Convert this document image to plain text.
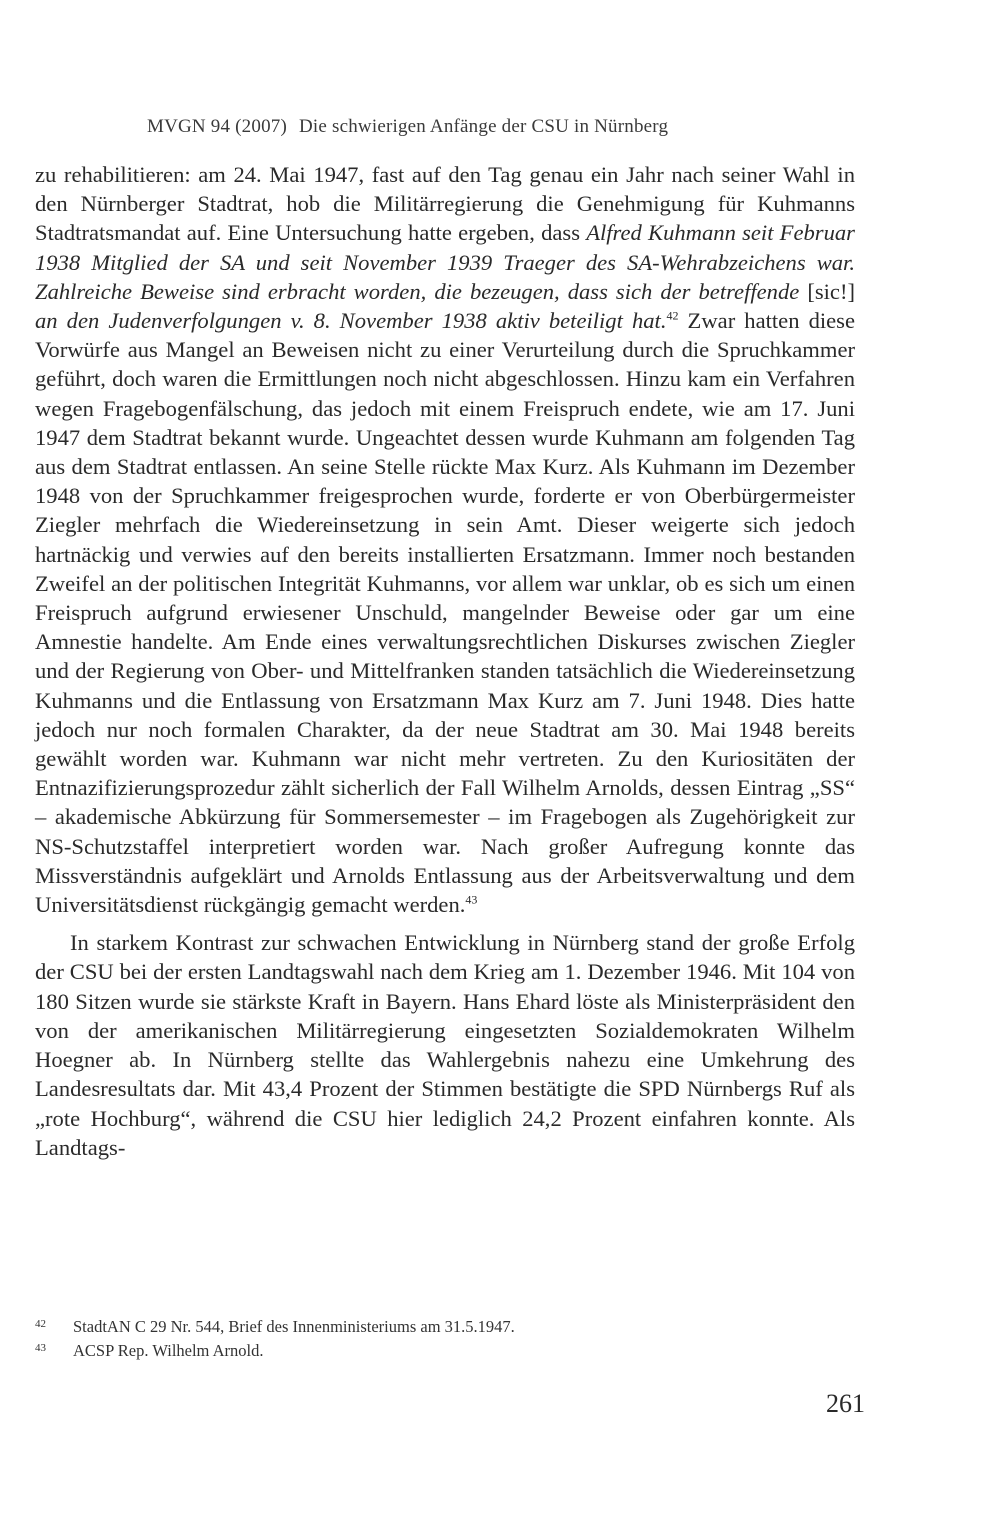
MVGN 94 (2007) Die schwierigen Anfänge der CSU in Nürnberg

zu rehabilitieren: am 24. Mai 1947, fast auf den Tag genau ein Jahr nach seiner Wahl in den Nürnberger Stadtrat, hob die Militärregierung die Genehmigung für Kuhmanns Stadtratsmandat auf. Eine Untersuchung hatte ergeben, dass Alfred Kuhmann seit Februar 1938 Mitglied der SA und seit November 1939 Traeger des SA-Wehrabzeichens war. Zahlreiche Beweise sind erbracht worden, die bezeugen, dass sich der betreffende [sic!] an den Judenverfolgungen v. 8. November 1938 aktiv beteiligt hat.$^{42}$ Zwar hatten diese Vorwürfe aus Mangel an Beweisen nicht zu einer Verurteilung durch die Spruchkammer geführt, doch waren die Ermittlungen noch nicht abgeschlossen. Hinzu kam ein Verfahren wegen Fragebogenfälschung, das jedoch mit einem Freispruch endete, wie am 17. Juni 1947 dem Stadtrat bekannt wurde. Ungeachtet dessen wurde Kuhmann am folgenden Tag aus dem Stadtrat entlassen. An seine Stelle rückte Max Kurz. Als Kuhmann im Dezember 1948 von der Spruchkammer freigesprochen wurde, forderte er von Oberbürgermeister Ziegler mehrfach die Wiedereinsetzung in sein Amt. Dieser weigerte sich jedoch hartnäckig und verwies auf den bereits installierten Ersatzmann. Immer noch bestanden Zweifel an der politischen Integrität Kuhmanns, vor allem war unklar, ob es sich um einen Freispruch aufgrund erwiesener Unschuld, mangelnder Beweise oder gar um eine Amnestie handelte. Am Ende eines verwaltungsrechtlichen Diskurses zwischen Ziegler und der Regierung von Ober- und Mittelfranken standen tatsächlich die Wiedereinsetzung Kuhmanns und die Entlassung von Ersatzmann Max Kurz am 7. Juni 1948. Dies hatte jedoch nur noch formalen Charakter, da der neue Stadtrat am 30. Mai 1948 bereits gewählt worden war. Kuhmann war nicht mehr vertreten. Zu den Kuriositäten der Entnazifizierungsprozedur zählt sicherlich der Fall Wilhelm Arnolds, dessen Eintrag „SS“ – akademische Abkürzung für Sommersemester – im Fragebogen als Zugehörigkeit zur NS-Schutzstaffel interpretiert worden war. Nach großer Aufregung konnte das Missverständnis aufgeklärt und Arnolds Entlassung aus der Arbeitsverwaltung und dem Universitätsdienst rückgängig gemacht werden.$^{43}$

In starkem Kontrast zur schwachen Entwicklung in Nürnberg stand der große Erfolg der CSU bei der ersten Landtagswahl nach dem Krieg am 1. Dezember 1946. Mit 104 von 180 Sitzen wurde sie stärkste Kraft in Bayern. Hans Ehard löste als Ministerpräsident den von der amerikanischen Militärregierung eingesetzten Sozialdemokraten Wilhelm Hoegner ab. In Nürnberg stellte das Wahlergebnis nahezu eine Umkehrung des Landesresultats dar. Mit 43,4 Prozent der Stimmen bestätigte die SPD Nürnbergs Ruf als „rote Hochburg“, während die CSU hier lediglich 24,2 Prozent einfahren konnte. Als Landtags-

42	StadtAN C 29 Nr. 544, Brief des Innenministeriums am 31.5.1947.
43	ACSP Rep. Wilhelm Arnold.
261
